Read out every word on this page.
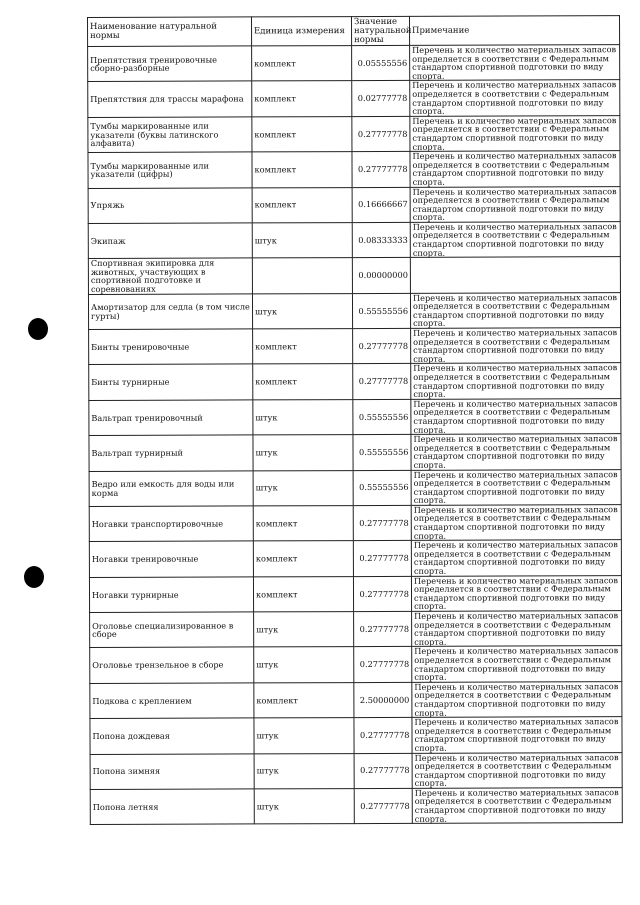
Наименование натуральной нормы	Единица измерения	Значение натуральной нормы	Примечание
Препятствия тренировочные сборно-разборные	комплект	0.05555556	Перечень и количество материальных запасов определяется в соответствии с Федеральным стандартом спортивной подготовки по виду спорта.
Препятствия для трассы марафона	комплект	0.02777778	Перечень и количество материальных запасов определяется в соответствии с Федеральным стандартом спортивной подготовки по виду спорта.
Тумбы маркированные или указатели (буквы латинского алфавита)	комплект	0.27777778	Перечень и количество материальных запасов определяется в соответствии с Федеральным стандартом спортивной подготовки по виду спорта.
Тумбы маркированные или указатели (цифры)	комплект	0.27777778	Перечень и количество материальных запасов определяется в соответствии с Федеральным стандартом спортивной подготовки по виду спорта.
Упряжь	комплект	0.16666667	Перечень и количество материальных запасов определяется в соответствии с Федеральным стандартом спортивной подготовки по виду спорта.
Экипаж	штук	0.08333333	Перечень и количество материальных запасов определяется в соответствии с Федеральным стандартом спортивной подготовки по виду спорта.
Спортивная экипировка для животных, участвующих в спортивной подготовке и соревнованиях		0.00000000	
Амортизатор для седла (в том числе гурты)	штук	0.55555556	Перечень и количество материальных запасов определяется в соответствии с Федеральным стандартом спортивной подготовки по виду спорта.
Бинты тренировочные	комплект	0.27777778	Перечень и количество материальных запасов определяется в соответствии с Федеральным стандартом спортивной подготовки по виду спорта.
Бинты турнирные	комплект	0.27777778	Перечень и количество материальных запасов определяется в соответствии с Федеральным стандартом спортивной подготовки по виду спорта.
Вальтрап тренировочный	штук	0.55555556	Перечень и количество материальных запасов определяется в соответствии с Федеральным стандартом спортивной подготовки по виду спорта.
Вальтрап турнирный	штук	0.55555556	Перечень и количество материальных запасов определяется в соответствии с Федеральным стандартом спортивной подготовки по виду спорта.
Ведро или емкость для воды или корма	штук	0.55555556	Перечень и количество материальных запасов определяется в соответствии с Федеральным стандартом спортивной подготовки по виду спорта.
Ногавки транспортировочные	комплект	0.27777778	Перечень и количество материальных запасов определяется в соответствии с Федеральным стандартом спортивной подготовки по виду спорта.
Ногавки тренировочные	комплект	0.27777778	Перечень и количество материальных запасов определяется в соответствии с Федеральным стандартом спортивной подготовки по виду спорта.
Ногавки турнирные	комплект	0.27777778	Перечень и количество материальных запасов определяется в соответствии с Федеральным стандартом спортивной подготовки по виду спорта.
Оголовье специализированное в сборе	штук	0.27777778	Перечень и количество материальных запасов определяется в соответствии с Федеральным стандартом спортивной подготовки по виду спорта.
Оголовье трензельное в сборе	штук	0.27777778	Перечень и количество материальных запасов определяется в соответствии с Федеральным стандартом спортивной подготовки по виду спорта.
Подкова с креплением	комплект	2.50000000	Перечень и количество материальных запасов определяется в соответствии с Федеральным стандартом спортивной подготовки по виду спорта.
Попона дождевая	штук	0.27777778	Перечень и количество материальных запасов определяется в соответствии с Федеральным стандартом спортивной подготовки по виду спорта.
Попона зимняя	штук	0.27777778	Перечень и количество материальных запасов определяется в соответствии с Федеральным стандартом спортивной подготовки по виду спорта.
Попона летняя	штук	0.27777778	Перечень и количество материальных запасов определяется в соответствии с Федеральным стандартом спортивной подготовки по виду спорта.
